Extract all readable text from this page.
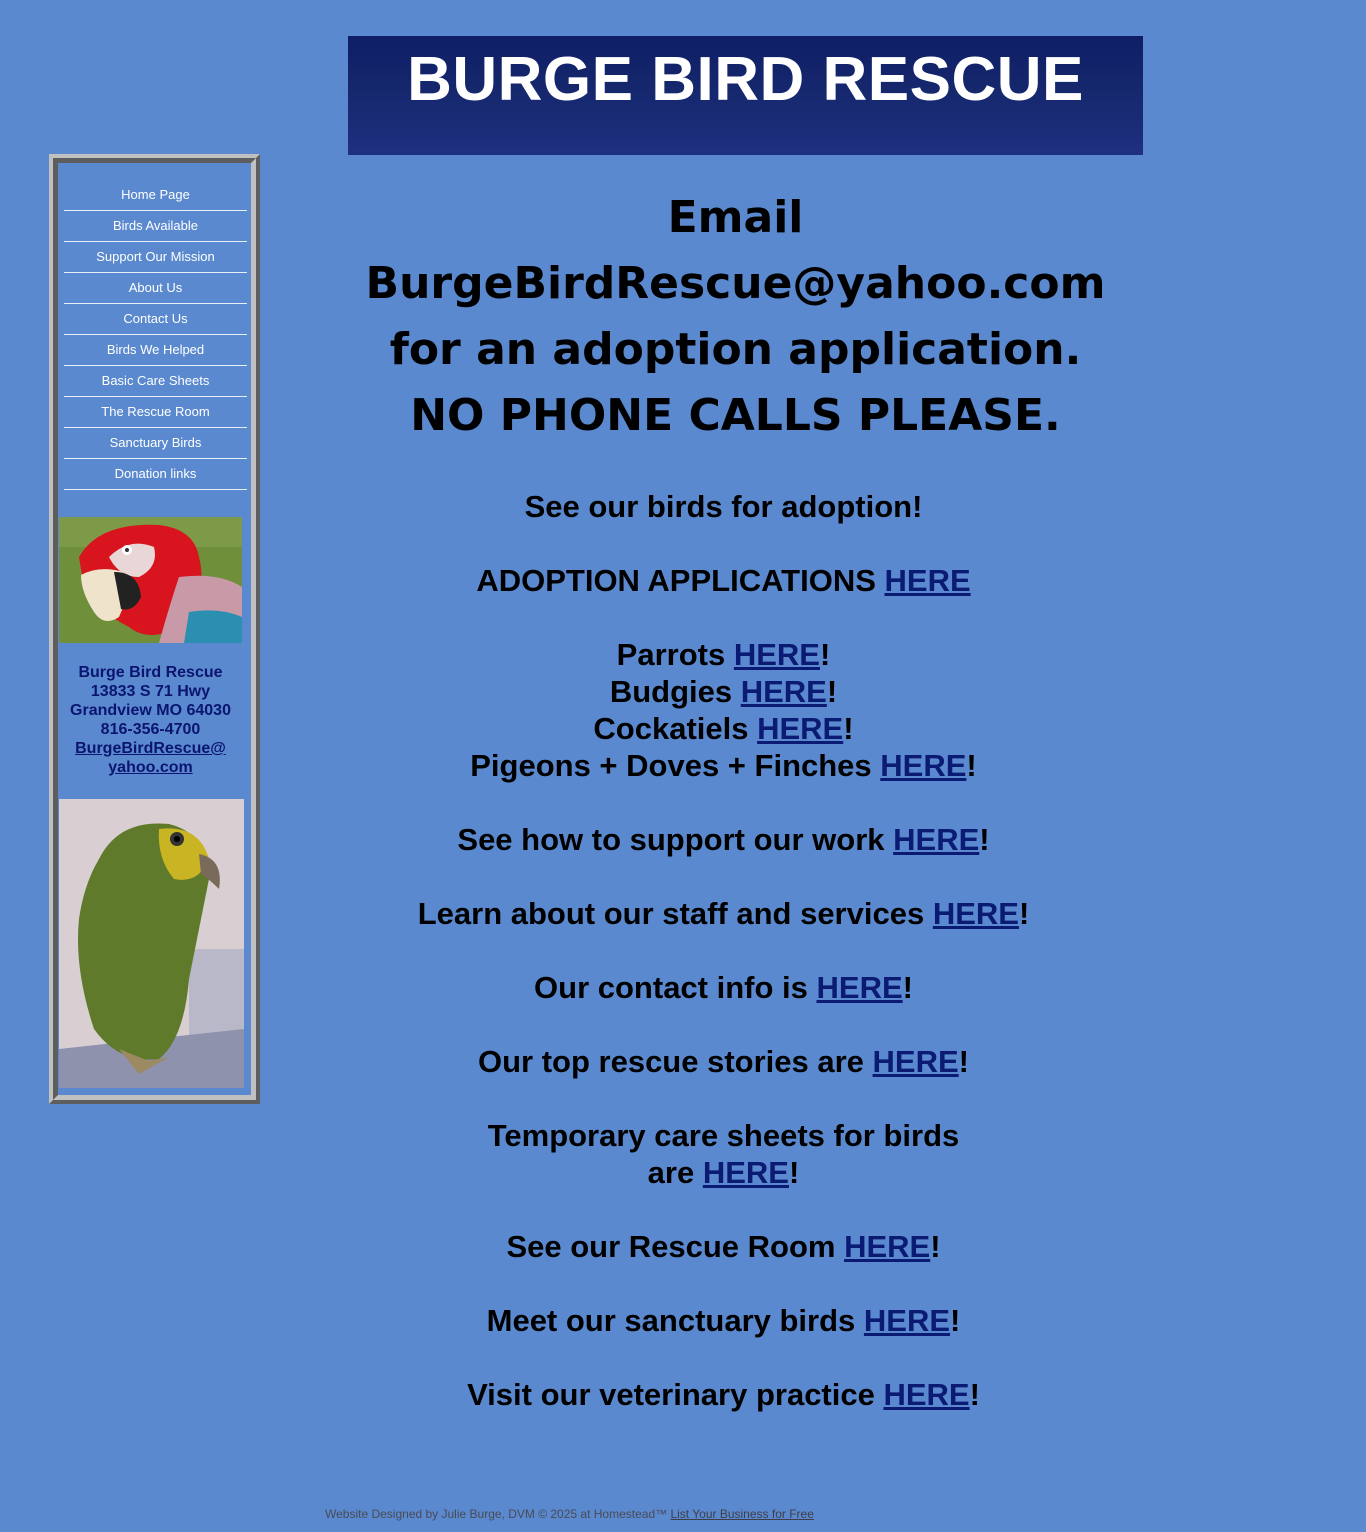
BURGE BIRD RESCUE
Home Page
Birds Available
Support Our Mission
About Us
Contact Us
Birds We Helped
Basic Care Sheets
The Rescue Room
Sanctuary Birds
Donation links
Burge Bird Rescue
13833 S 71 Hwy
Grandview MO 64030
816-356-4700
BurgeBirdRescue@
yahoo.com
Email
BurgeBirdRescue@yahoo.com
for an adoption application.
NO PHONE CALLS PLEASE.

See our birds for adoption!

ADOPTION APPLICATIONS HERE

Parrots HERE!

Budgies HERE!

Cockatiels HERE!

Pigeons + Doves + Finches HERE!

See how to support our work HERE!

Learn about our staff and services HERE!

Our contact info is HERE!

Our top rescue stories are HERE!

Temporary care sheets for birds

are HERE!

See our Rescue Room HERE!

Meet our sanctuary birds HERE!

Visit our veterinary practice HERE!

Website Designed by Julie Burge, DVM © 2025 at Homestead™ List Your Business for Free
